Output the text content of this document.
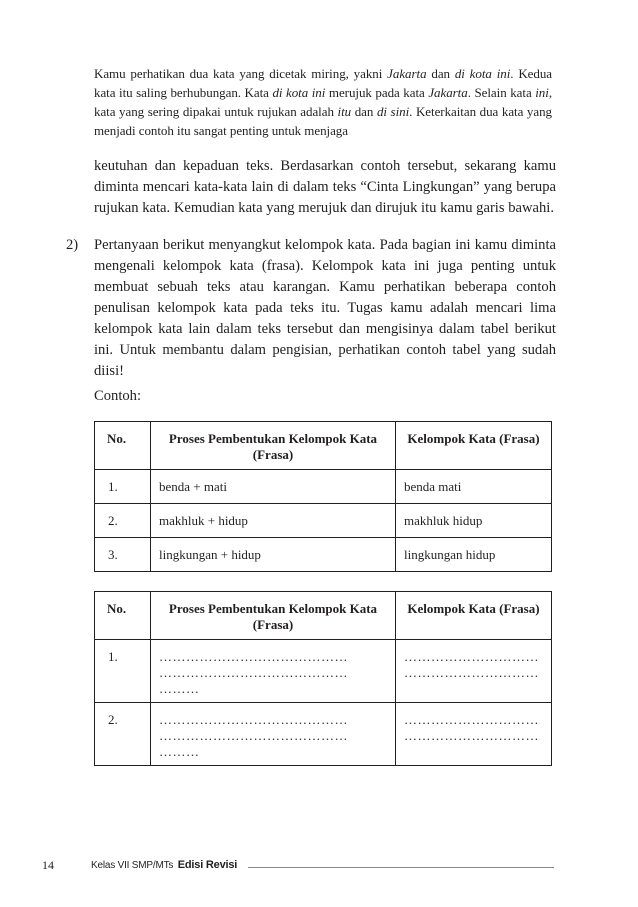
Kamu perhatikan dua kata yang dicetak miring, yakni Jakarta dan di kota ini. Kedua kata itu saling berhubungan. Kata di kota ini merujuk pada kata Jakarta. Selain kata ini, kata yang sering dipakai untuk rujukan adalah itu dan di sini. Keterkaitan dua kata yang menjadi contoh itu sangat penting untuk menjaga

keutuhan dan kepaduan teks. Berdasarkan contoh tersebut, sekarang kamu diminta mencari kata-kata lain di dalam teks “Cinta Lingkungan” yang berupa rujukan kata. Kemudian kata yang merujuk dan dirujuk itu kamu garis bawahi.

2) Pertanyaan berikut menyangkut kelompok kata. Pada bagian ini kamu diminta mengenali kelompok kata (frasa). Kelompok kata ini juga penting untuk membuat sebuah teks atau karangan. Kamu perhatikan beberapa contoh penulisan kelompok kata pada teks itu. Tugas kamu adalah mencari lima kelompok kata lain dalam teks tersebut dan mengisinya dalam tabel berikut ini. Untuk membantu dalam pengisian, perhatikan contoh tabel yang sudah diisi!

Contoh:
No.	Proses Pembentukan Kelompok Kata (Frasa)	Kelompok Kata (Frasa)
1.	benda + mati	benda mati
2.	makhluk + hidup	makhluk hidup
3.	lingkungan + hidup	lingkungan hidup
No.	Proses Pembentukan Kelompok Kata (Frasa)	Kelompok Kata (Frasa)
1.	……………………………………
……………………………………
………	…………………………
…………………………
2.	……………………………………
……………………………………
………	…………………………
…………………………
14	Kelas VII SMP/MTs Edisi Revisi
